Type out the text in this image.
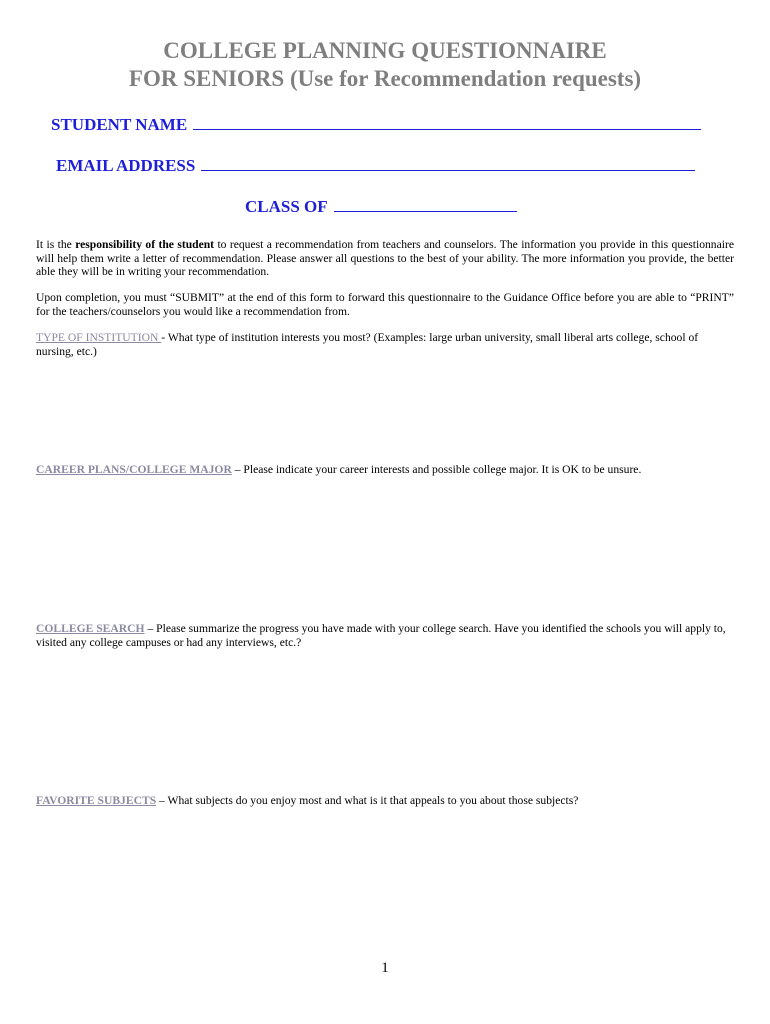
COLLEGE PLANNING QUESTIONNAIRE
FOR SENIORS (Use for Recommendation requests)
STUDENT NAME
EMAIL ADDRESS
CLASS OF
It is the responsibility of the student to request a recommendation from teachers and counselors. The information you provide in this questionnaire will help them write a letter of recommendation. Please answer all questions to the best of your ability. The more information you provide, the better able they will be in writing your recommendation.
Upon completion, you must “SUBMIT” at the end of this form to forward this questionnaire to the Guidance Office before you are able to “PRINT” for the teachers/counselors you would like a recommendation from.
TYPE OF INSTITUTION - What type of institution interests you most? (Examples: large urban university, small liberal arts college, school of nursing, etc.)
CAREER PLANS/COLLEGE MAJOR – Please indicate your career interests and possible college major. It is OK to be unsure.
COLLEGE SEARCH – Please summarize the progress you have made with your college search. Have you identified the schools you will apply to, visited any college campuses or had any interviews, etc.?
FAVORITE SUBJECTS – What subjects do you enjoy most and what is it that appeals to you about those subjects?
1
